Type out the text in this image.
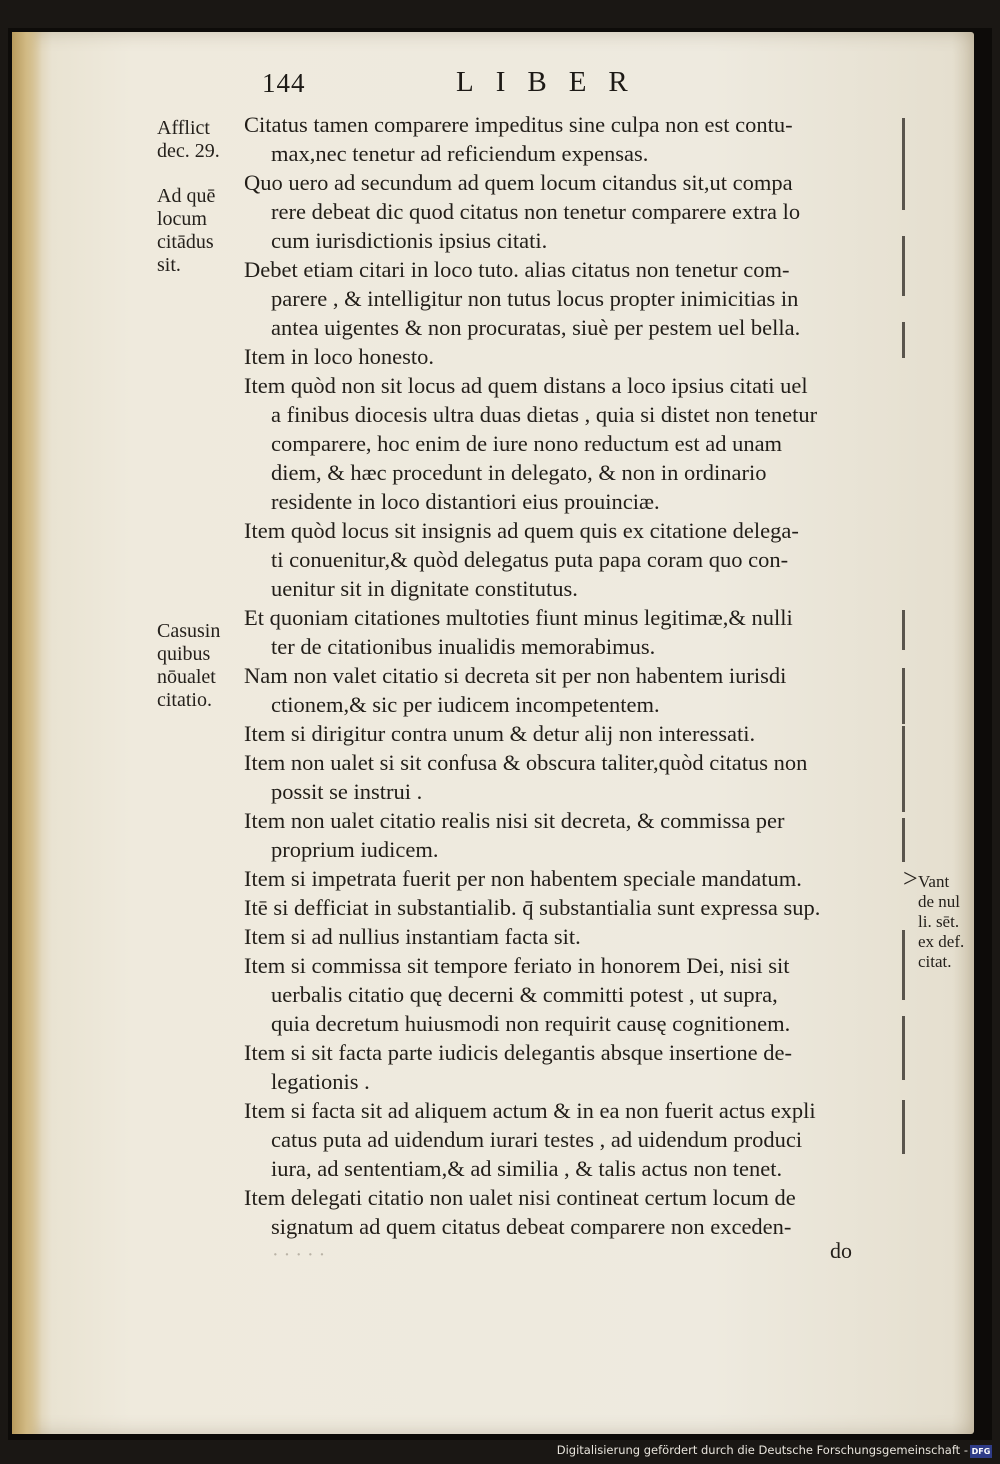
144	LIBER
Afflict
dec. 29.
Ad quē
locum
citādus
sit.
Casusin
quibus
nōualet
citatio.
> Vant
de nul
li. sēt.
ex def.
citat.
Citatus tamen comparere impeditus sine culpa non est contu-
max,nec tenetur ad reficiendum expensas.
Quo uero ad secundum ad quem locum citandus sit,ut compa
rere debeat dic quod citatus non tenetur comparere extra lo
cum iurisdictionis ipsius citati.
Debet etiam citari in loco tuto. alias citatus non tenetur com-
parere , & intelligitur non tutus locus propter inimicitias in
antea uigentes & non procuratas, siuè per pestem uel bella.
Item in loco honesto.
Item quòd non sit locus ad quem distans a loco ipsius citati uel
a finibus diocesis ultra duas dietas , quia si distet non tenetur
comparere, hoc enim de iure nono reductum est ad unam
diem, & hæc procedunt in delegato, & non in ordinario
residente in loco distantiori eius prouinciæ.
Item quòd locus sit insignis ad quem quis ex citatione delega-
ti conuenitur,& quòd delegatus puta papa coram quo con-
uenitur sit in dignitate constitutus.
Et quoniam citationes multoties fiunt minus legitimæ,& nulli
ter de citationibus inualidis memorabimus.
Nam non valet citatio si decreta sit per non habentem iurisdi
ctionem,& sic per iudicem incompetentem.
Item si dirigitur contra unum & detur alij non interessati.
Item non ualet si sit confusa & obscura taliter,quòd citatus non
possit se instrui .
Item non ualet citatio realis nisi sit decreta, & commissa per
proprium iudicem.
Item si impetrata fuerit per non habentem speciale mandatum.
Itē si defficiat in substantialib. q̄ substantialia sunt expressa sup.
Item si ad nullius instantiam facta sit.
Item si commissa sit tempore feriato in honorem Dei, nisi sit
uerbalis citatio quę decerni & committi potest , ut supra,
quia decretum huiusmodi non requirit causę cognitionem.
Item si sit facta parte iudicis delegantis absque insertione de-
legationis .
Item si facta sit ad aliquem actum & in ea non fuerit actus expli
catus puta ad uidendum iurari testes , ad uidendum produci
iura, ad sententiam,& ad similia , & talis actus non tenet.
Item delegati citatio non ualet nisi contineat certum locum de
signatum ad quem citatus debeat comparere non exceden-
· · · · ·	do
Digitalisierung gefördert durch die Deutsche Forschungsgemeinschaft - DFG
